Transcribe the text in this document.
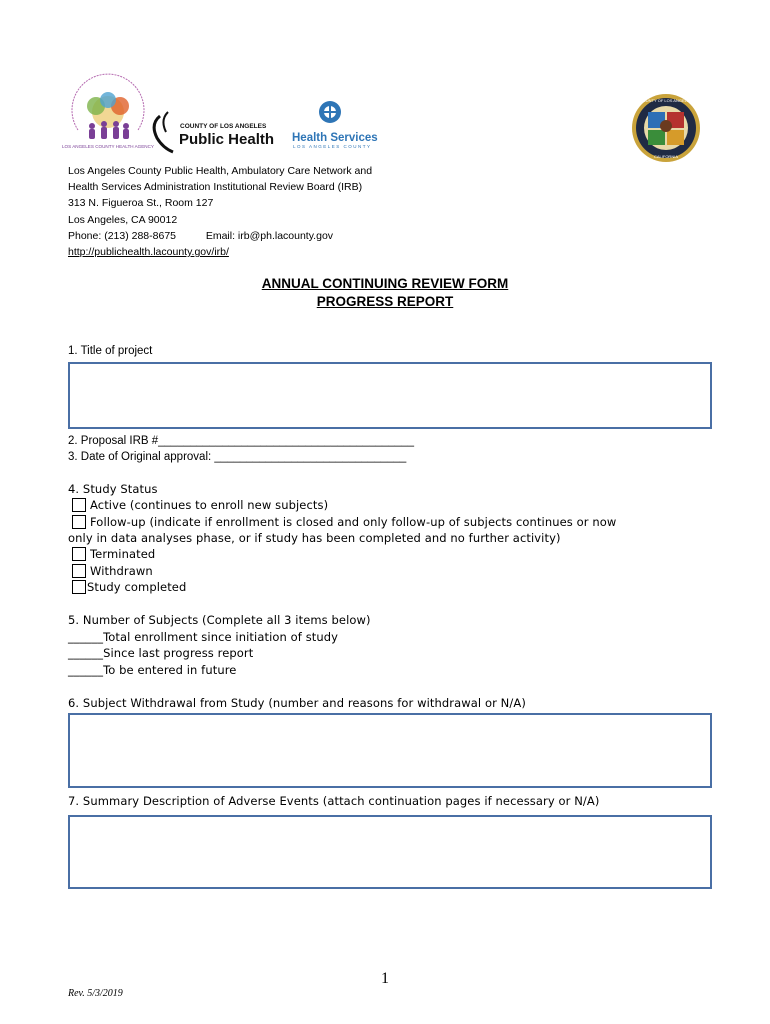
LOS ANGELES COUNTY HEALTH AGENCY
COUNTY OF LOS ANGELES
Public Health Health Services
LOS ANGELES COUNTY
COUNTY OF LOS ANGELES
CALIFORNIA
Los Angeles County Public Health, Ambulatory Care Network and
Health Services Administration Institutional Review Board (IRB)
313 N. Figueroa St., Room 127
Los Angeles, CA 90012
Phone: (213) 288-8675	Email: irb@ph.lacounty.gov
http://publichealth.lacounty.gov/irb/
ANNUAL CONTINUING REVIEW FORM
PROGRESS REPORT
1. Title of project
2. Proposal IRB #________________________________________
3. Date of Original approval: ______________________________
4. Study Status
Active (continues to enroll new subjects)
Follow-up (indicate if enrollment is closed and only follow-up of subjects continues or now
only in data analyses phase, or if study has been completed and no further activity)
Terminated
Withdrawn
Study completed
5. Number of Subjects (Complete all 3 items below)
______Total enrollment since initiation of study
______Since last progress report
______To be entered in future
6. Subject Withdrawal from Study (number and reasons for withdrawal or N/A)
7. Summary Description of Adverse Events (attach continuation pages if necessary or N/A)
1
Rev. 5/3/2019
